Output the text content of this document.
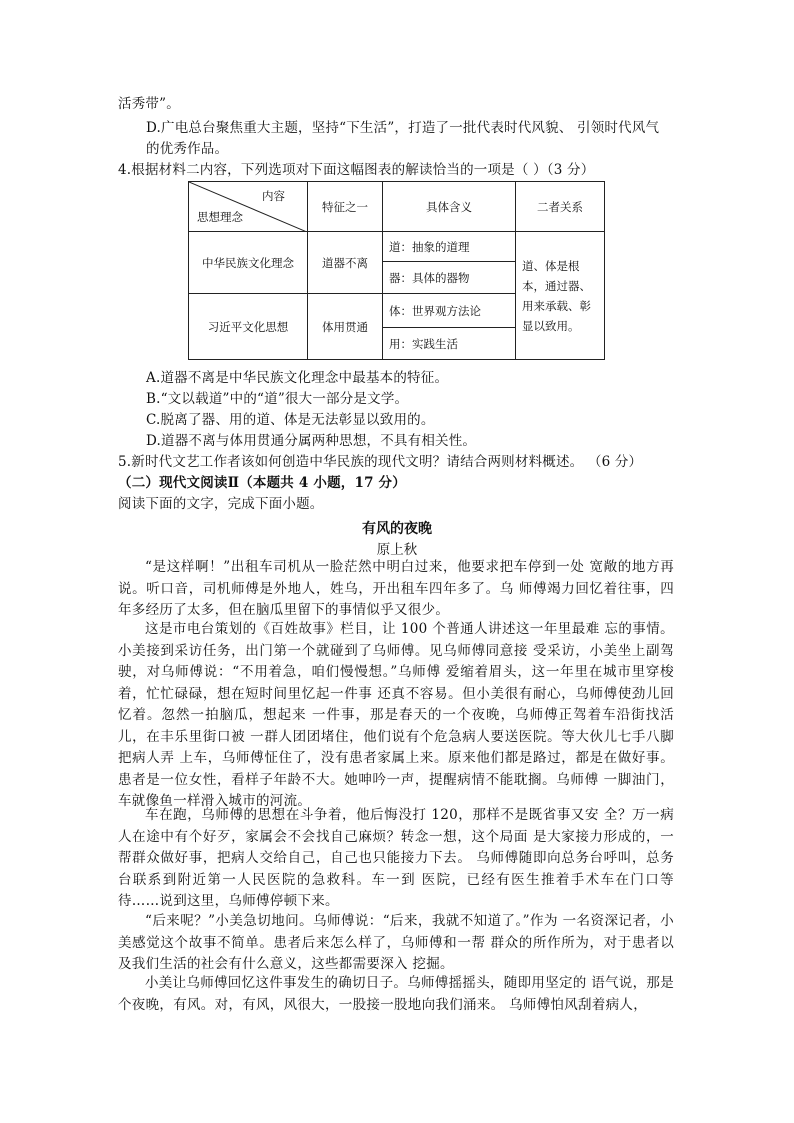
活秀带”。
D.广电总台聚焦重大主题，坚持“下生活”，打造了一批代表时代风貌、 引领时代风气
的优秀作品。
4.根据材料二内容，下列选项对下面这幅图表的解读恰当的一项是（ ）（3 分）
内容
思想理念	特征之一	具体含义	二者关系
中华民族文化理念	道器不离	道：抽象的道理	道、体是根本，通过器、用来承载、彰显以致用。
		器：具体的器物	
习近平文化思想	体用贯通	体：世界观方法论	
		用：实践生活	
A.道器不离是中华民族文化理念中最基本的特征。
B.“文以载道”中的“道”很大一部分是文学。
C.脱离了器、用的道、体是无法彰显以致用的。
D.道器不离与体用贯通分属两种思想，不具有相关性。
5.新时代文艺工作者该如何创造中华民族的现代文明？请结合两则材料概述。 （6 分）
（二）现代文阅读Ⅱ（本题共 4 小题，17 分）
阅读下面的文字，完成下面小题。
有风的夜晚
原上秋

“是这样啊！”出租车司机从一脸茫然中明白过来，他要求把车停到一处 宽敞的地方再说。听口音，司机师傅是外地人，姓乌，开出租车四年多了。乌 师傅竭力回忆着往事，四年多经历了太多，但在脑瓜里留下的事情似乎又很少。

这是市电台策划的《百姓故事》栏目，让 100 个普通人讲述这一年里最难 忘的事情。小美接到采访任务，出门第一个就碰到了乌师傅。见乌师傅同意接 受采访，小美坐上副驾驶，对乌师傅说：“不用着急，咱们慢慢想。”乌师傅 爱缩着眉头，这一年里在城市里穿梭着，忙忙碌碌，想在短时间里忆起一件事 还真不容易。但小美很有耐心，乌师傅使劲儿回忆着。忽然一拍脑瓜，想起来 一件事，那是春天的一个夜晚，乌师傅正驾着车沿街找活儿，在丰乐里街口被 一群人团团堵住，他们说有个危急病人要送医院。等大伙儿七手八脚把病人弄 上车，乌师傅怔住了，没有患者家属上来。原来他们都是路过，都是在做好事。 患者是一位女性，看样子年龄不大。她呻吟一声，提醒病情不能耽搁。乌师傅 一脚油门，车就像鱼一样滑入城市的河流。

车在跑，乌师傅的思想在斗争着，他后悔没打 120，那样不是既省事又安 全？万一病人在途中有个好歹，家属会不会找自己麻烦？转念一想，这个局面 是大家接力形成的，一帮群众做好事，把病人交给自己，自己也只能接力下去。 乌师傅随即向总务台呼叫，总务台联系到附近第一人民医院的急救科。车一到 医院，已经有医生推着手术车在门口等待……说到这里，乌师傅停顿下来。

“后来呢？”小美急切地问。乌师傅说：“后来，我就不知道了。”作为 一名资深记者，小美感觉这个故事不简单。患者后来怎么样了，乌师傅和一帮 群众的所作所为，对于患者以及我们生活的社会有什么意义，这些都需要深入 挖掘。

小美让乌师傅回忆这件事发生的确切日子。乌师傅摇摇头，随即用坚定的 语气说，那是个夜晚，有风。对，有风，风很大，一股接一股地向我们涌来。 乌师傅怕风刮着病人，
